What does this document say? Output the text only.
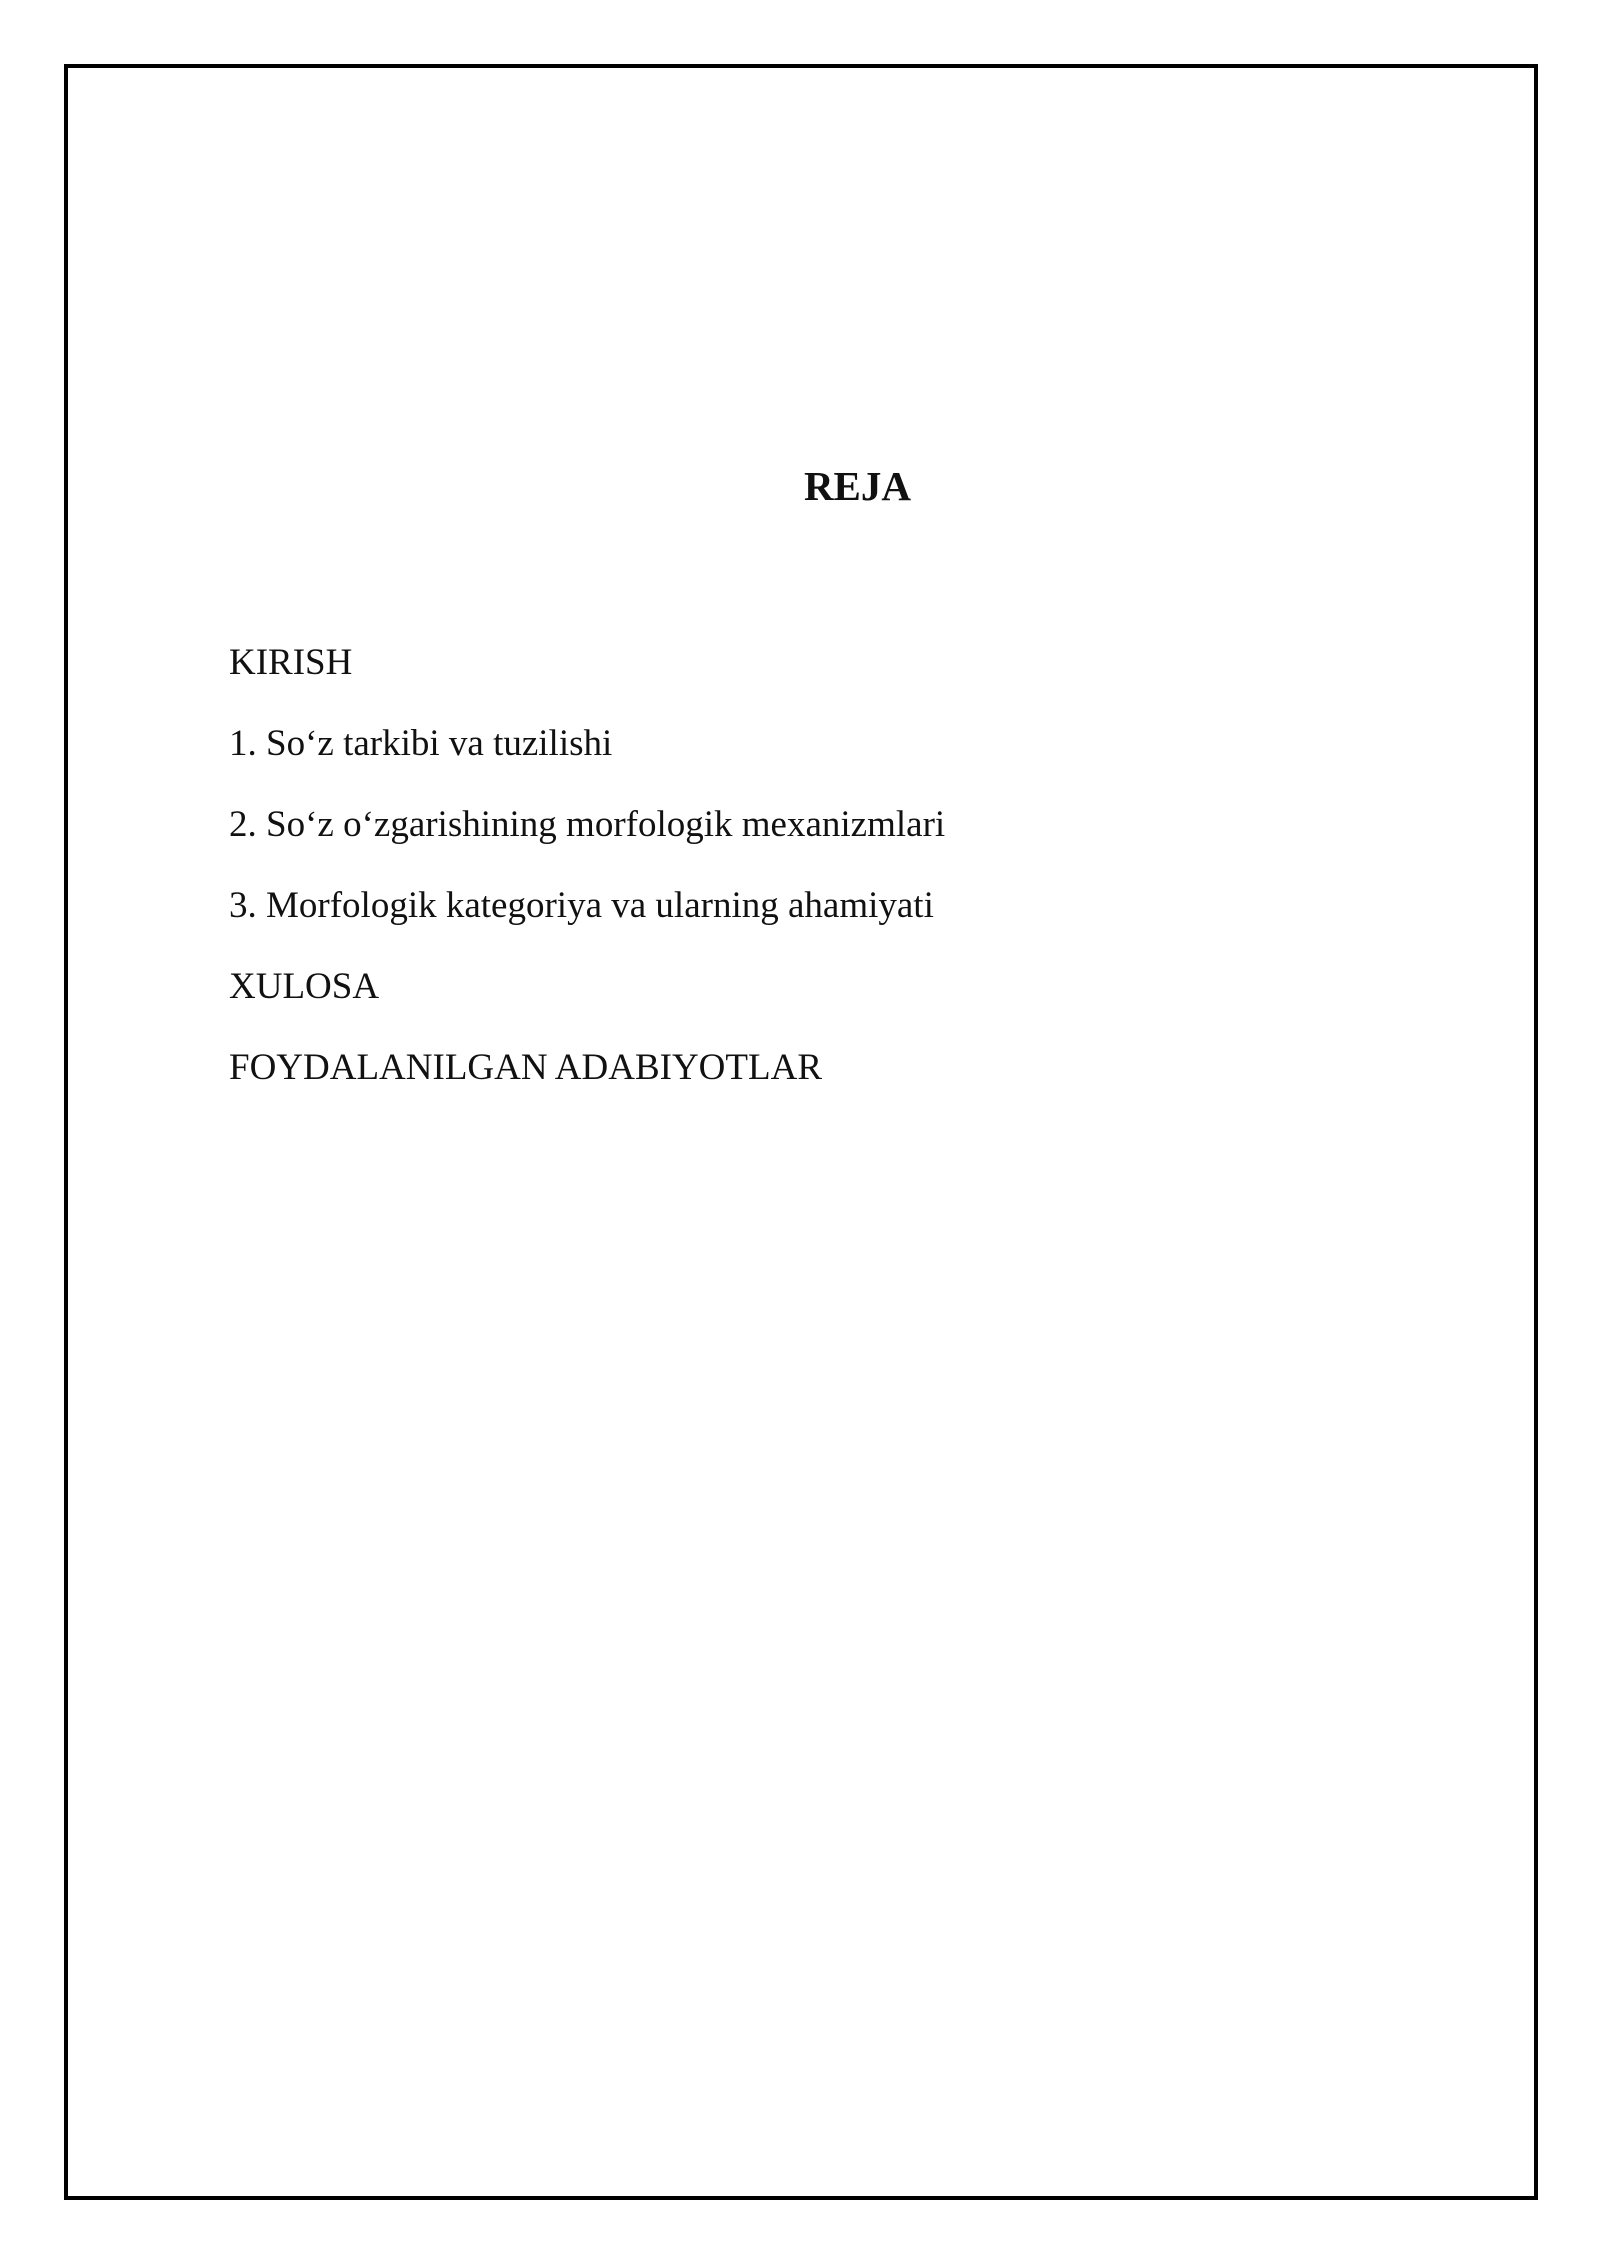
REJA
KIRISH
1. So‘z tarkibi va tuzilishi
2. So‘z o‘zgarishining morfologik mexanizmlari
3. Morfologik kategoriya va ularning ahamiyati
XULOSA
FOYDALANILGAN ADABIYOTLAR
